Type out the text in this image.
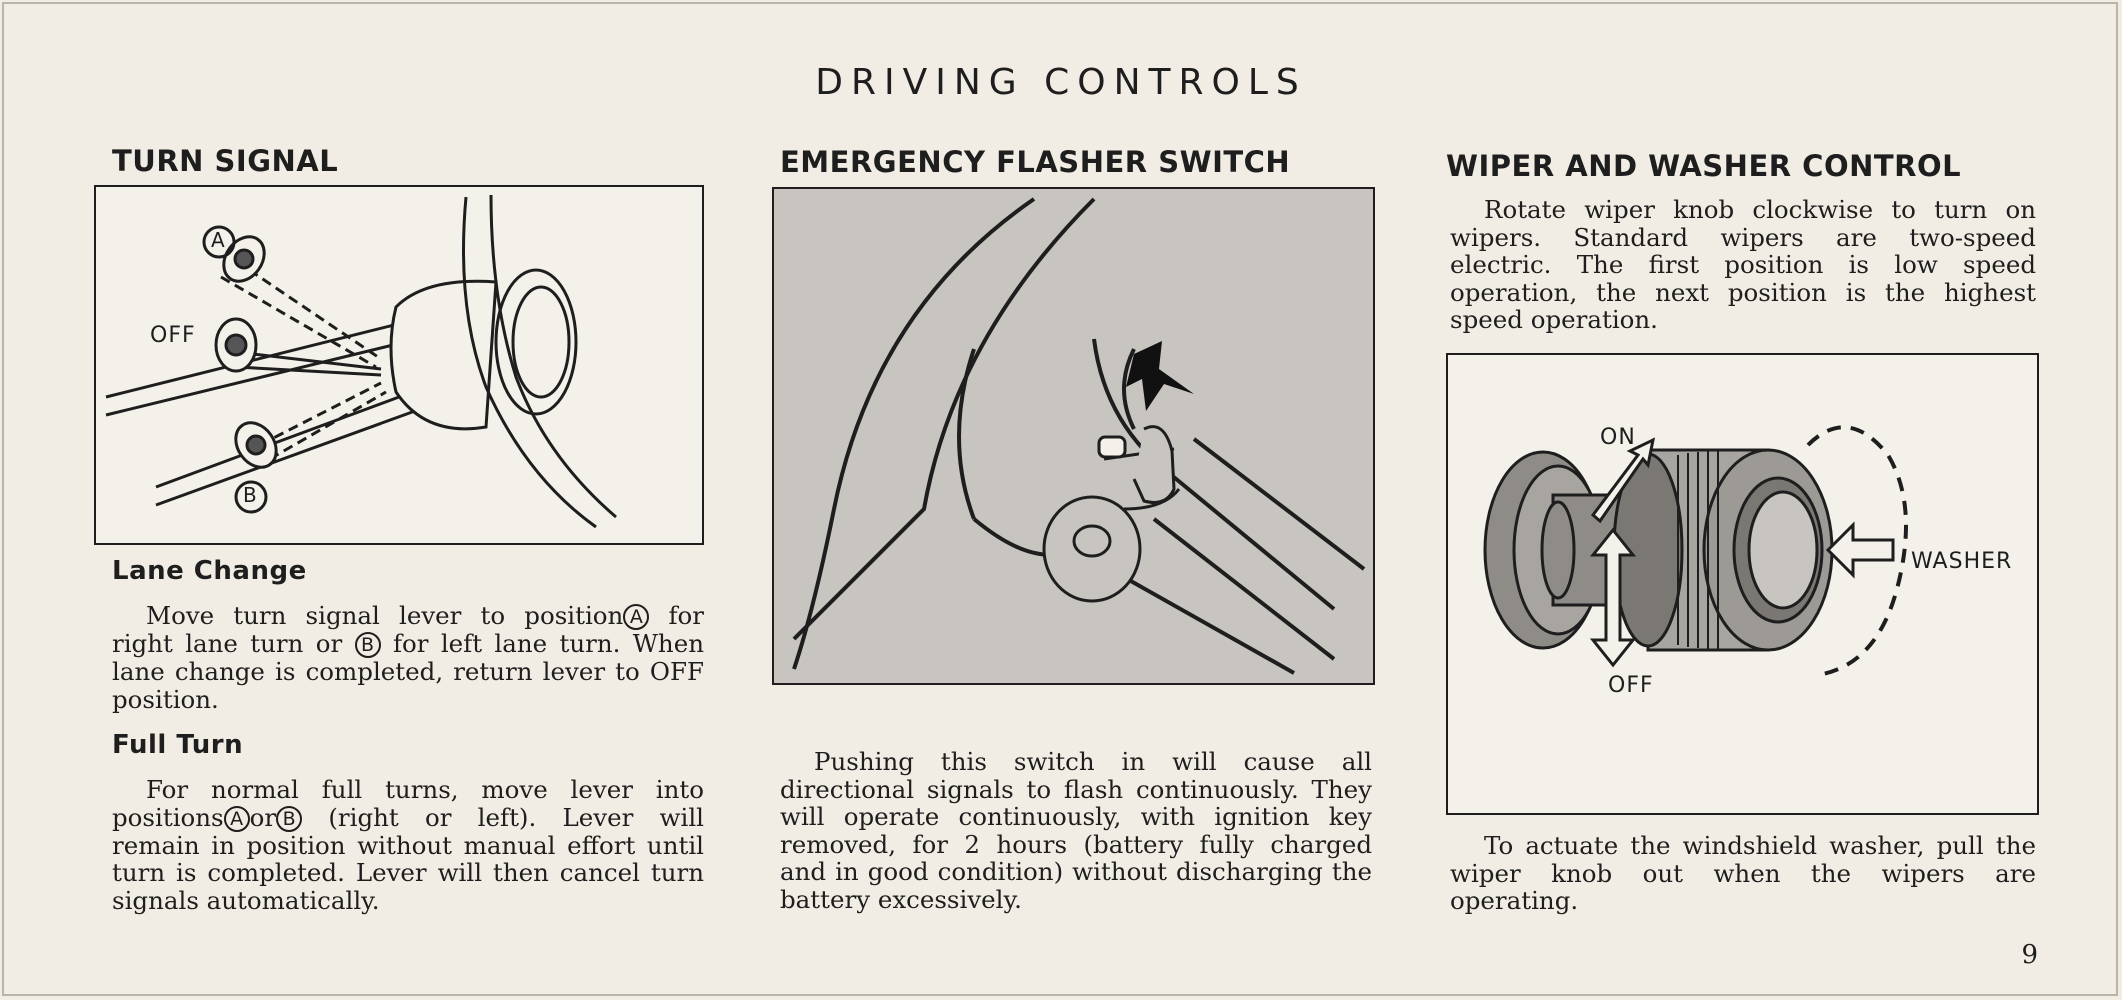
DRIVING CONTROLS
TURN SIGNAL
A
OFF
B
Lane Change

Move turn signal lever to position A for right lane turn or B for left lane turn. When lane change is completed, return lever to OFF position.

Full Turn

For normal full turns, move lever into positions A or B (right or left). Lever will remain in position without manual effort until turn is completed. Lever will then cancel turn signals automatically.

EMERGENCY FLASHER SWITCH

Pushing this switch in will cause all directional signals to flash continuously. They will operate continuously, with ignition key removed, for 2 hours (battery fully charged and in good condition) without discharging the battery excessively.

WIPER AND WASHER CONTROL

Rotate wiper knob clockwise to turn on wipers. Standard wipers are two-speed electric. The first position is low speed operation, the next position is the highest speed operation.

ON
OFF
WASHER

To actuate the windshield washer, pull the wiper knob out when the wipers are operating.

9
